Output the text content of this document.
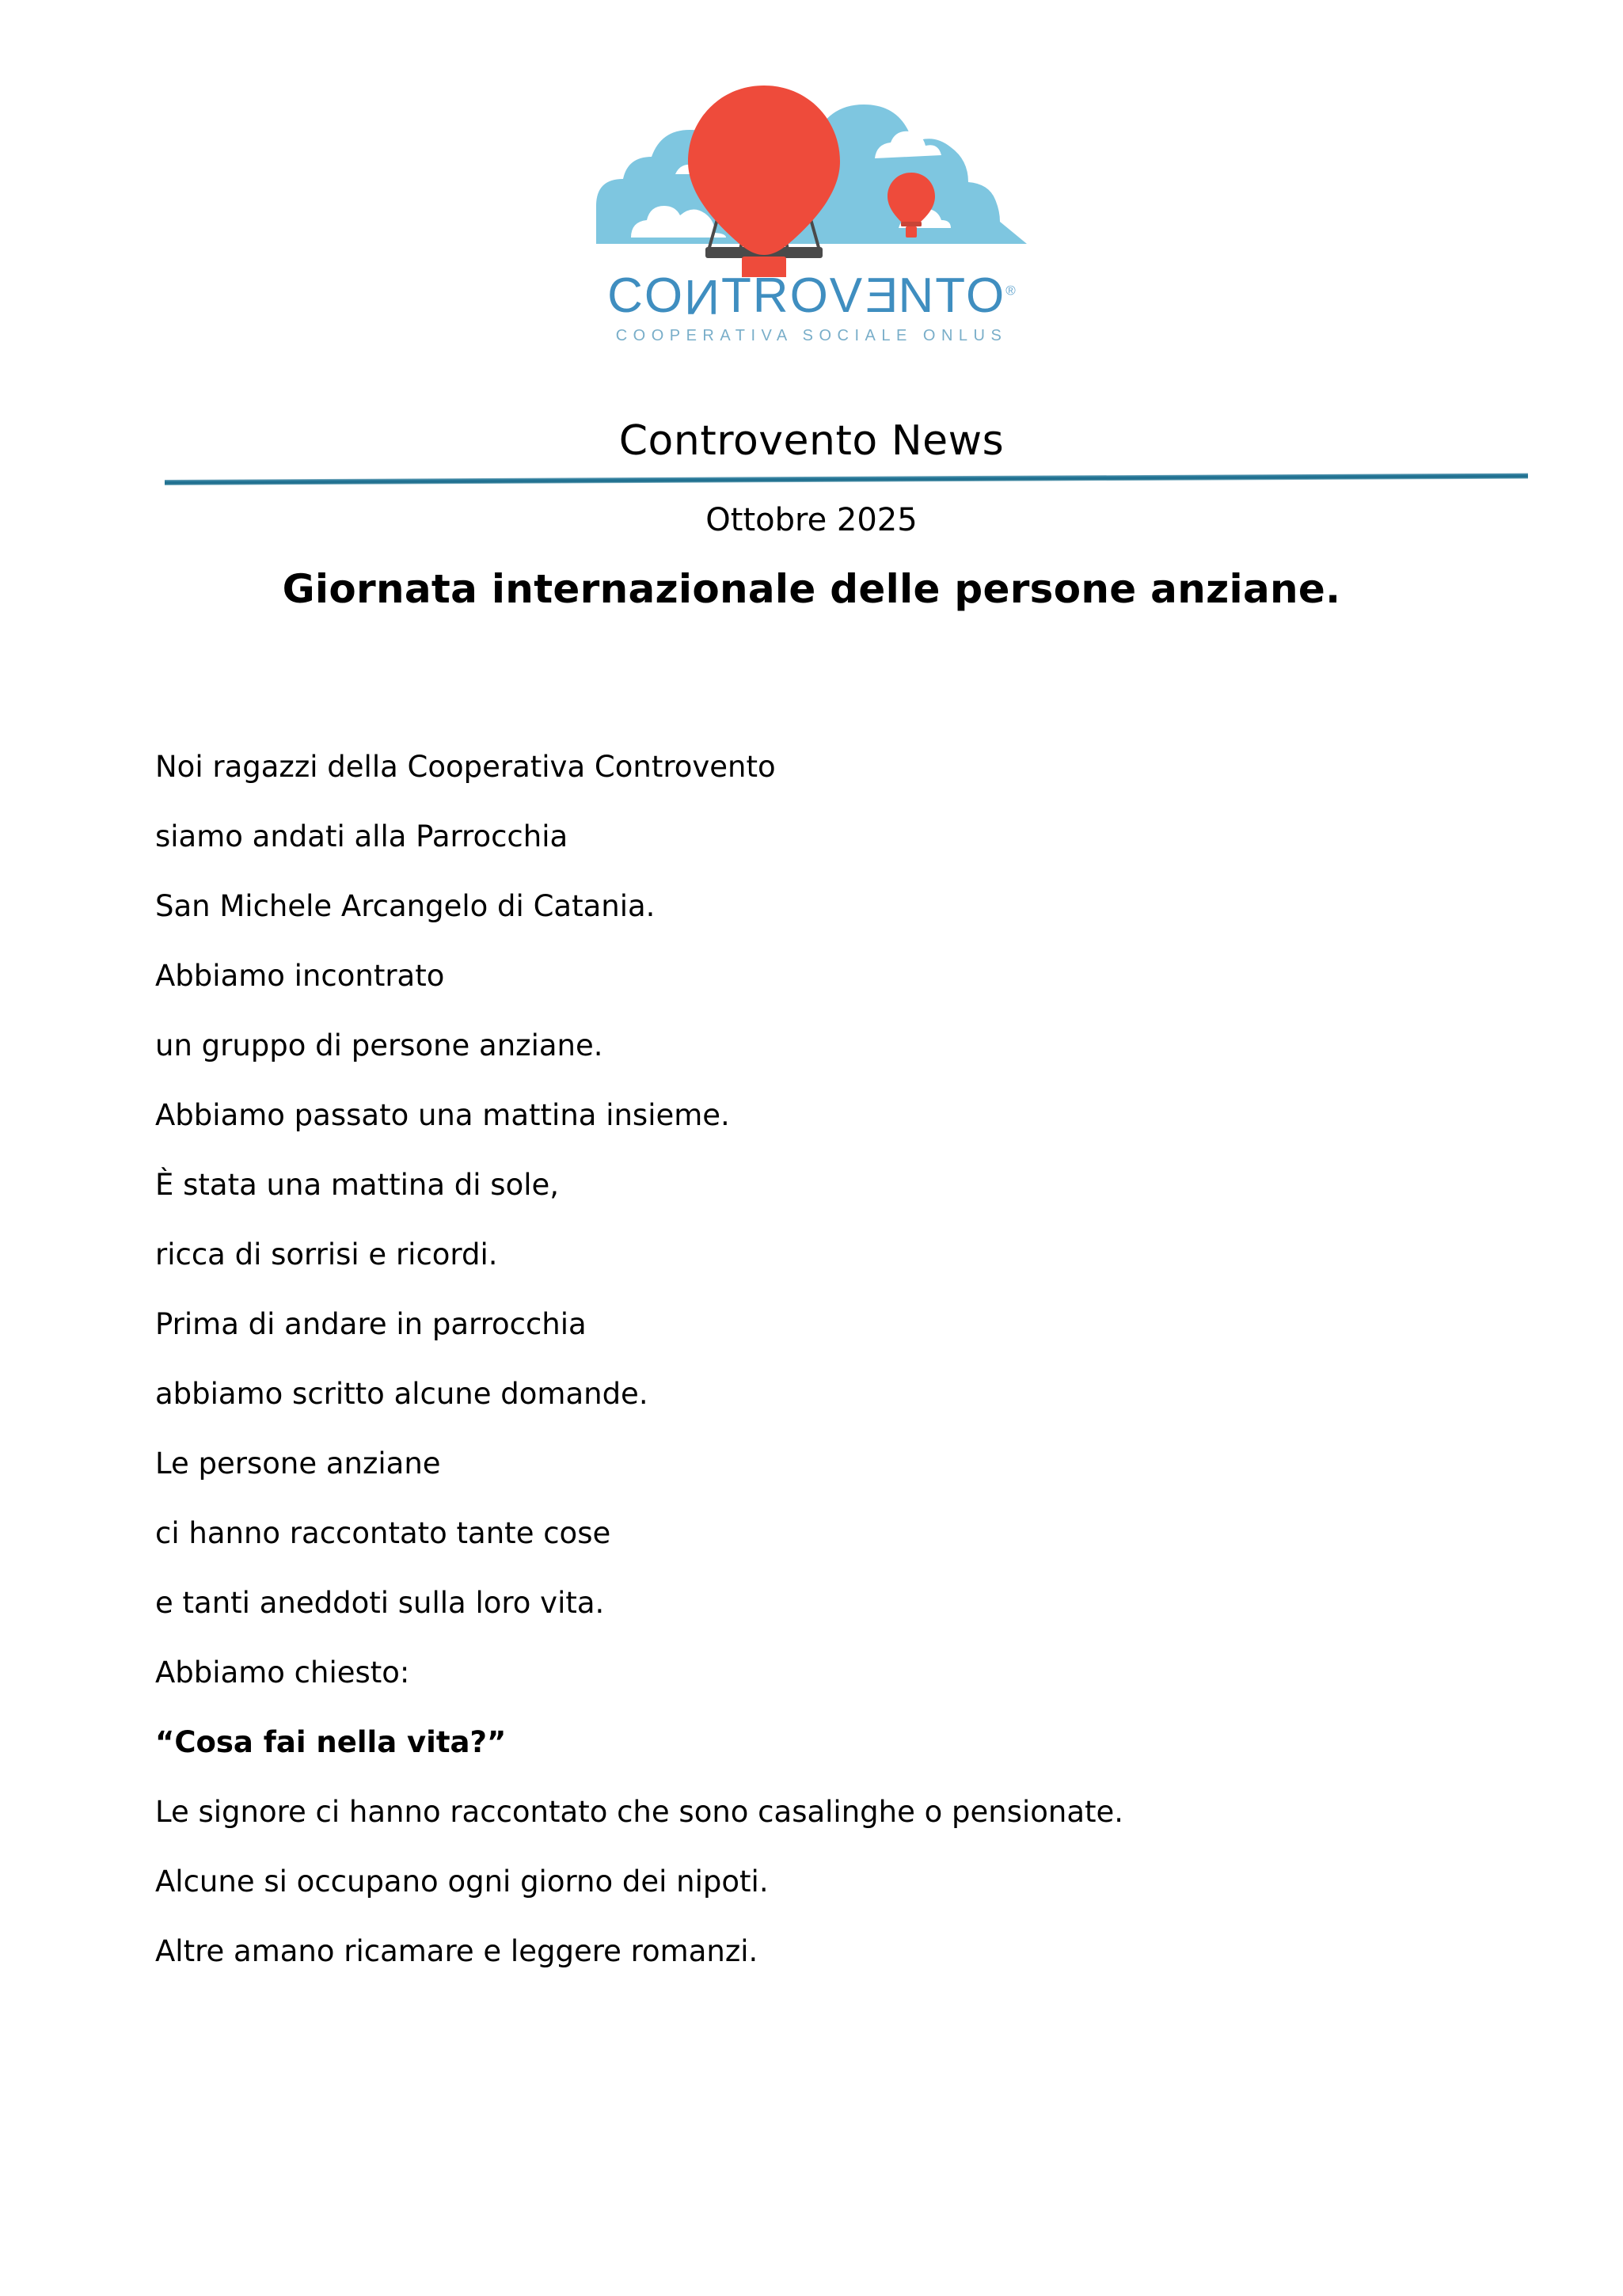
CONTROVENTO®
COOPERATIVA SOCIALE ONLUS
Controvento News
Ottobre 2025
Giornata internazionale delle persone anziane.
Noi ragazzi della Cooperativa Controvento
siamo andati alla Parrocchia
San Michele Arcangelo di Catania.
Abbiamo incontrato
un gruppo di persone anziane.
Abbiamo passato una mattina insieme.
È stata una mattina di sole,
ricca di sorrisi e ricordi.
Prima di andare in parrocchia
abbiamo scritto alcune domande.
Le persone anziane
ci hanno raccontato tante cose
e tanti aneddoti sulla loro vita.
Abbiamo chiesto:
“Cosa fai nella vita?”
Le signore ci hanno raccontato che sono casalinghe o pensionate.
Alcune si occupano ogni giorno dei nipoti.
Altre amano ricamare e leggere romanzi.
